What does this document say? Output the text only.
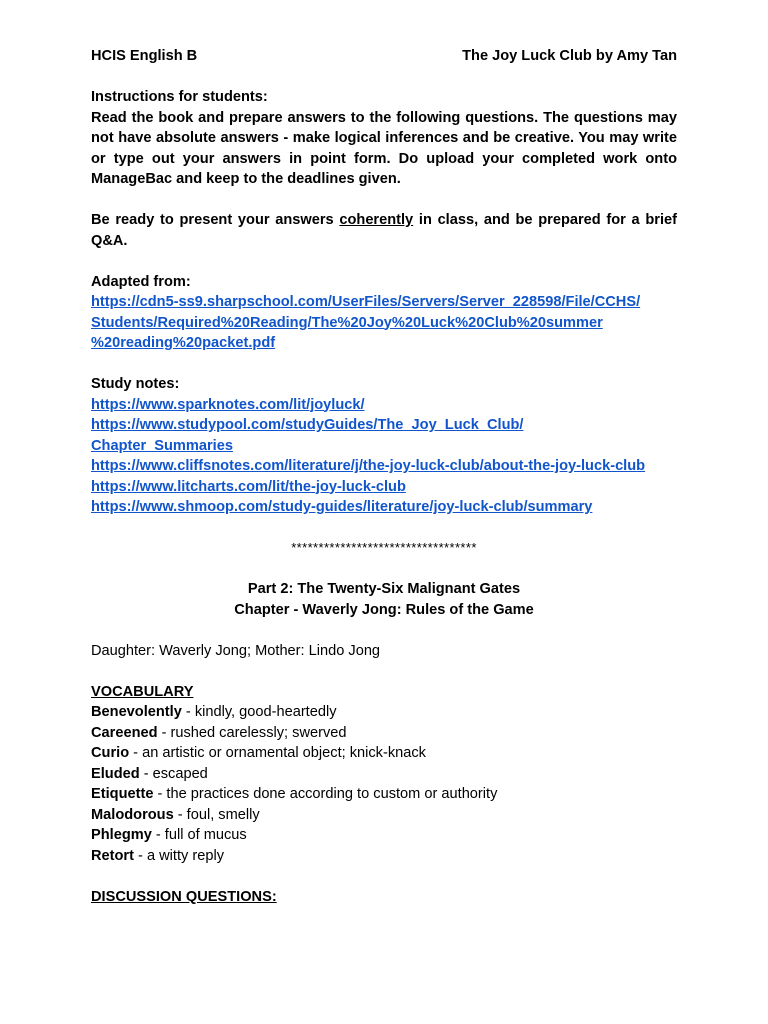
HCIS English B	The Joy Luck Club by Amy Tan
Instructions for students:
Read the book and prepare answers to the following questions. The questions may not have absolute answers - make logical inferences and be creative. You may write or type out your answers in point form. Do upload your completed work onto ManageBac and keep to the deadlines given.
Be ready to present your answers coherently in class, and be prepared for a brief Q&A.
Adapted from:
https://cdn5-ss9.sharpschool.com/UserFiles/Servers/Server_228598/File/CCHS/
Students/Required%20Reading/The%20Joy%20Luck%20Club%20summer
%20reading%20packet.pdf
Study notes:
https://www.sparknotes.com/lit/joyluck/
https://www.studypool.com/studyGuides/The_Joy_Luck_Club/
Chapter_Summaries
https://www.cliffsnotes.com/literature/j/the-joy-luck-club/about-the-joy-luck-club
https://www.litcharts.com/lit/the-joy-luck-club
https://www.shmoop.com/study-guides/literature/joy-luck-club/summary
**********************************
Part 2: The Twenty-Six Malignant Gates
Chapter - Waverly Jong: Rules of the Game
Daughter: Waverly Jong; Mother: Lindo Jong
VOCABULARY
Benevolently - kindly, good-heartedly
Careened - rushed carelessly; swerved
Curio - an artistic or ornamental object; knick-knack
Eluded - escaped
Etiquette - the practices done according to custom or authority
Malodorous - foul, smelly
Phlegmy - full of mucus
Retort - a witty reply
DISCUSSION QUESTIONS:
